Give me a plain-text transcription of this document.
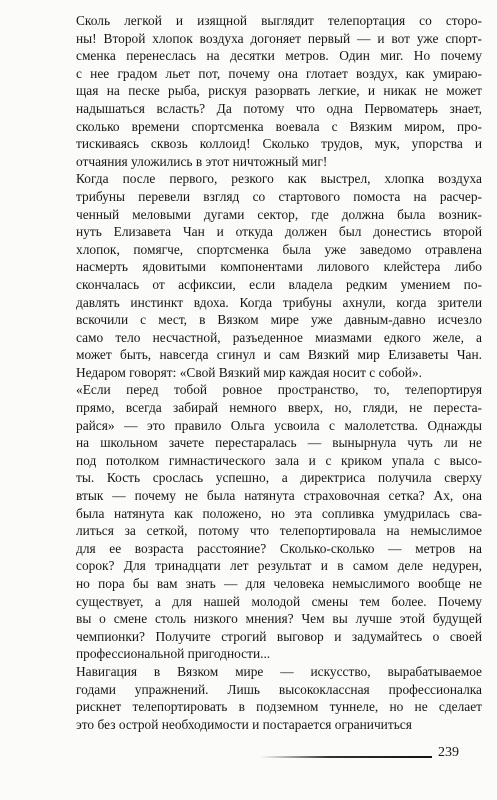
Сколь легкой и изящной выглядит телепортация со сторо-
ны! Второй хлопок воздуха догоняет первый — и вот уже спорт-
сменка перенеслась на десятки метров. Один миг. Но почему
с нее градом льет пот, почему она глотает воздух, как умираю-
щая на песке рыба, рискуя разорвать легкие, и никак не может
надышаться всласть? Да потому что одна Первоматерь знает,
сколько времени спортсменка воевала с Вязким миром, про-
тискиваясь сквозь коллоид! Сколько трудов, мук, упорства и
отчаяния уложились в этот ничтожный миг!
Когда после первого, резкого как выстрел, хлопка воздуха
трибуны перевели взгляд со стартового помоста на расчер-
ченный меловыми дугами сектор, где должна была возник-
нуть Елизавета Чан и откуда должен был донестись второй
хлопок, помягче, спортсменка была уже заведомо отравлена
насмерть ядовитыми компонентами лилового клейстера либо
скончалась от асфиксии, если владела редким умением по-
давлять инстинкт вдоха. Когда трибуны ахнули, когда зрители
вскочили с мест, в Вязком мире уже давным-давно исчезло
само тело несчастной, разъеденное миазмами едкого желе, а
может быть, навсегда сгинул и сам Вязкий мир Елизаветы Чан.
Недаром говорят: «Свой Вязкий мир каждая носит с собой».
«Если перед тобой ровное пространство, то, телепортируя
прямо, всегда забирай немного вверх, но, гляди, не переста-
райся» — это правило Ольга усвоила с малолетства. Однажды
на школьном зачете перестаралась — вынырнула чуть ли не
под потолком гимнастического зала и с криком упала с высо-
ты. Кость срослась успешно, а директриса получила сверху
втык — почему не была натянута страховочная сетка? Ах, она
была натянута как положено, но эта сопливка умудрилась сва-
литься за сеткой, потому что телепортировала на немыслимое
для ее возраста расстояние? Сколько-сколько — метров на
сорок? Для тринадцати лет результат и в самом деле недурен,
но пора бы вам знать — для человека немыслимого вообще не
существует, а для нашей молодой смены тем более. Почему
вы о смене столь низкого мнения? Чем вы лучше этой будущей
чемпионки? Получите строгий выговор и задумайтесь о своей
профессиональной пригодности...
Навигация в Вязком мире — искусство, вырабатываемое
годами упражнений. Лишь высококлассная профессионалка
рискнет телепортировать в подземном туннеле, но не сделает
это без острой необходимости и постарается ограничиться
239
